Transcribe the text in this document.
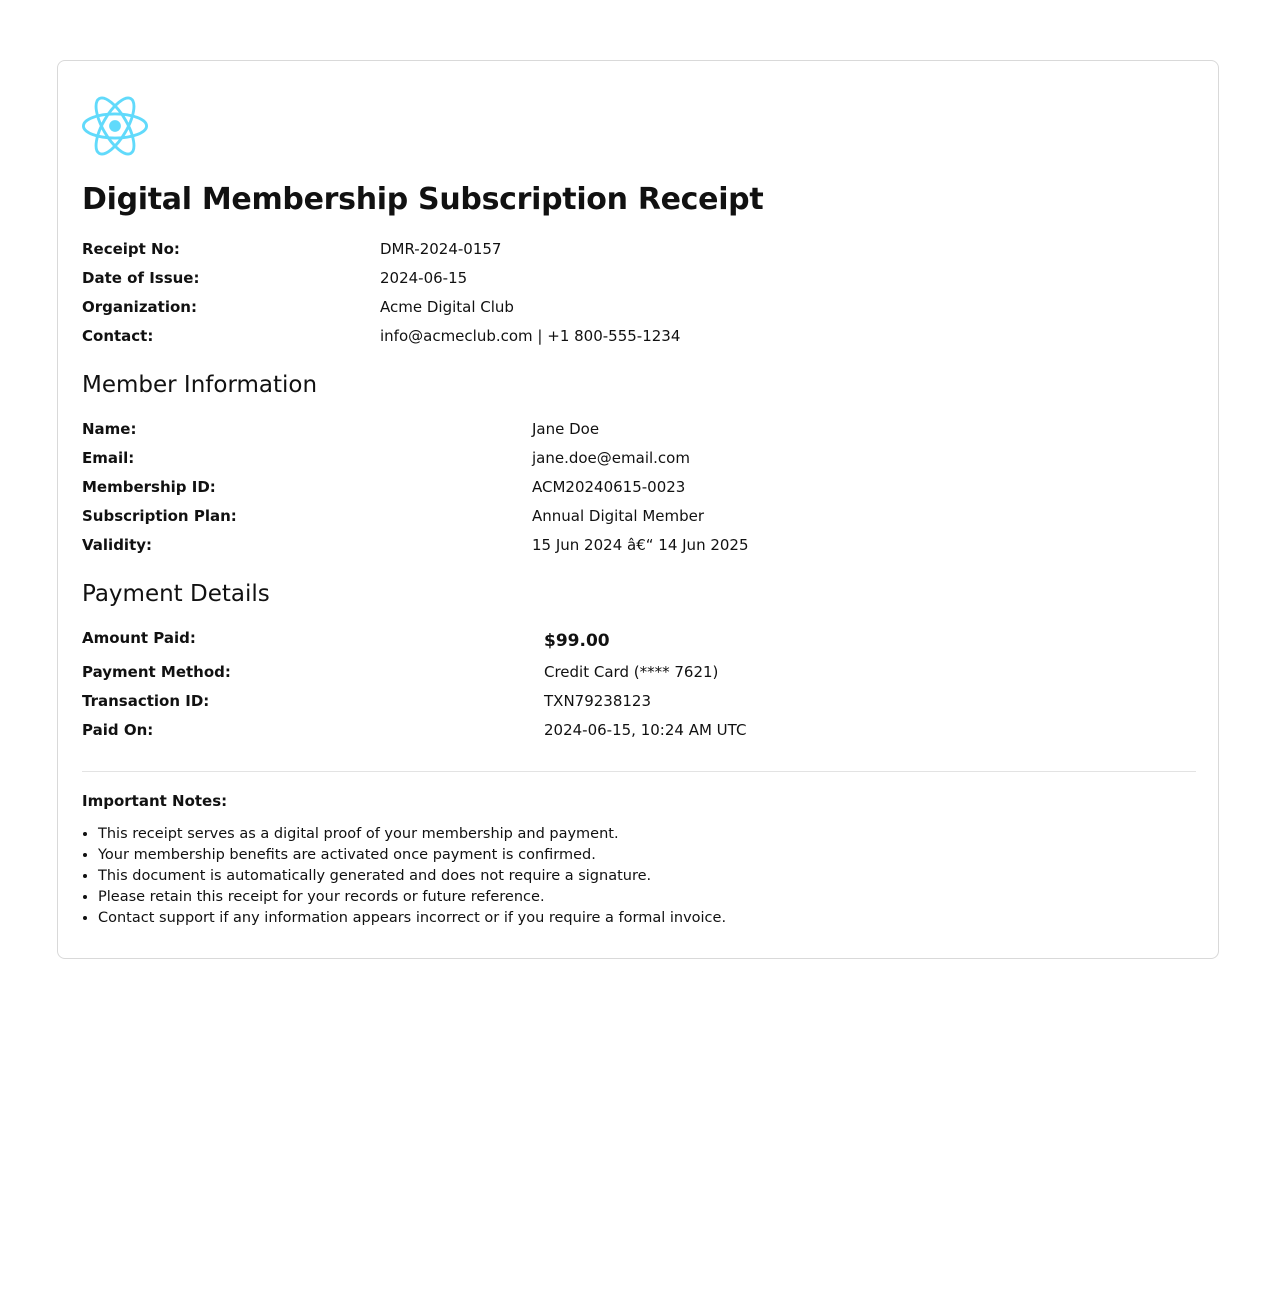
Digital Membership Subscription Receipt
Receipt No:	DMR-2024-0157
Date of Issue:	2024-06-15
Organization:	Acme Digital Club
Contact:	info@acmeclub.com | +1 800-555-1234
Member Information
Name:	Jane Doe
Email:	jane.doe@email.com
Membership ID:	ACM20240615-0023
Subscription Plan:	Annual Digital Member
Validity:	15 Jun 2024 â€“ 14 Jun 2025
Payment Details
Amount Paid:	$99.00
Payment Method:	Credit Card (**** 7621)
Transaction ID:	TXN79238123
Paid On:	2024-06-15, 10:24 AM UTC

Important Notes:

• This receipt serves as a digital proof of your membership and payment.
• Your membership benefits are activated once payment is confirmed.
• This document is automatically generated and does not require a signature.
• Please retain this receipt for your records or future reference.
• Contact support if any information appears incorrect or if you require a formal invoice.
